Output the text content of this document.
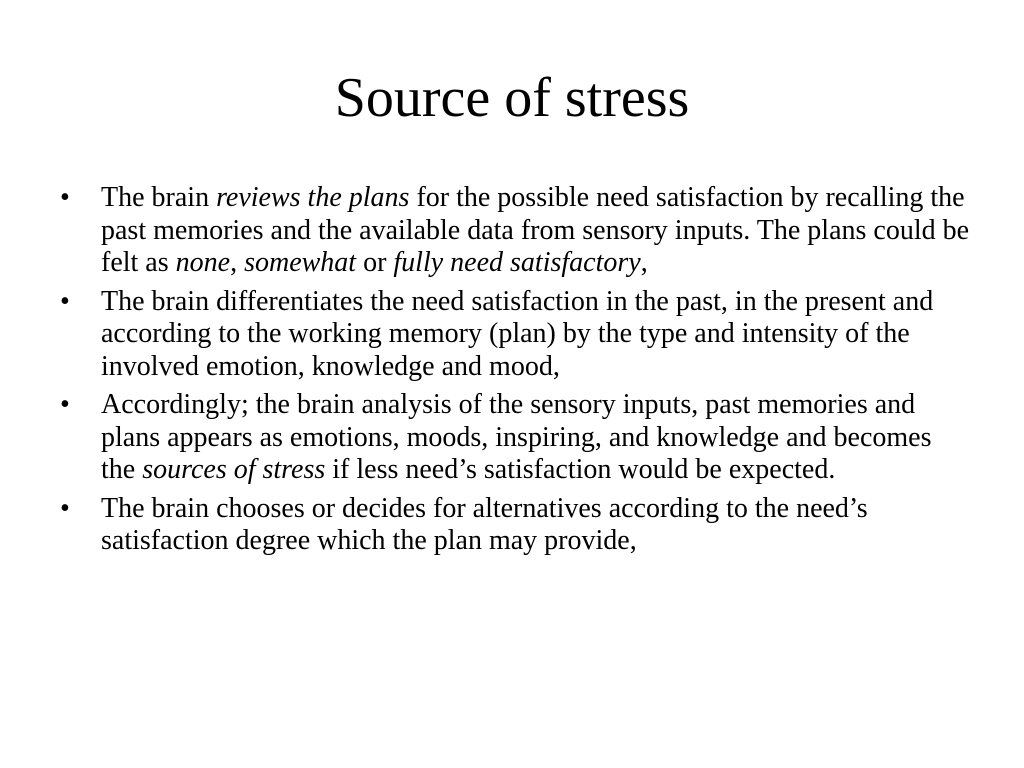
Source of stress
• The brain reviews the plans for the possible need satisfaction by recalling the past memories and the available data from sensory inputs. The plans could be felt as none, somewhat or fully need satisfactory,
• The brain differentiates the need satisfaction in the past, in the present and according to the working memory (plan) by the type and intensity of the involved emotion, knowledge and mood,
• Accordingly; the brain analysis of the sensory inputs, past memories and plans appears as emotions, moods, inspiring, and knowledge and becomes the sources of stress if less need’s satisfaction would be expected.
• The brain chooses or decides for alternatives according to the need’s satisfaction degree which the plan may provide,
